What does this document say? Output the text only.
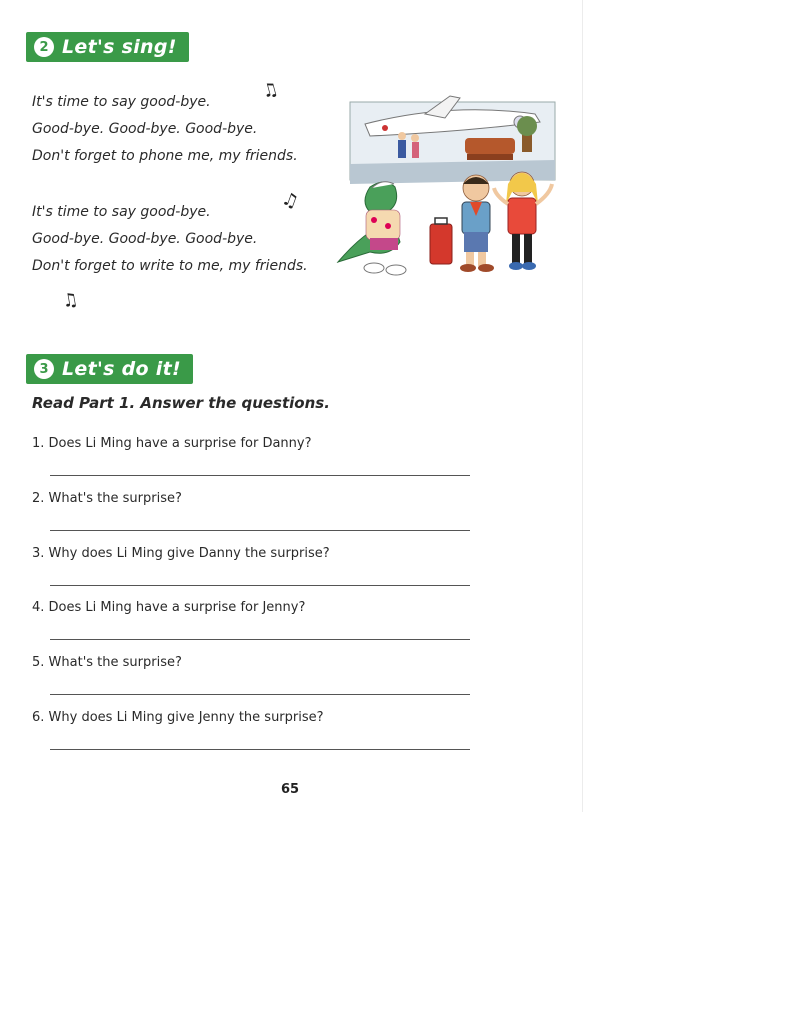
2 Let's sing!
It's time to say good-bye.
Good-bye. Good-bye. Good-bye.
Don't forget to phone me, my friends.
It's time to say good-bye.
Good-bye. Good-bye. Good-bye.
Don't forget to write to me, my friends.
♫
♫
♫
3 Let's do it!
Read Part 1. Answer the questions.
1. Does Li Ming have a surprise for Danny?
2. What's the surprise?
3. Why does Li Ming give Danny the surprise?
4. Does Li Ming have a surprise for Jenny?
5. What's the surprise?
6. Why does Li Ming give Jenny the surprise?
65
